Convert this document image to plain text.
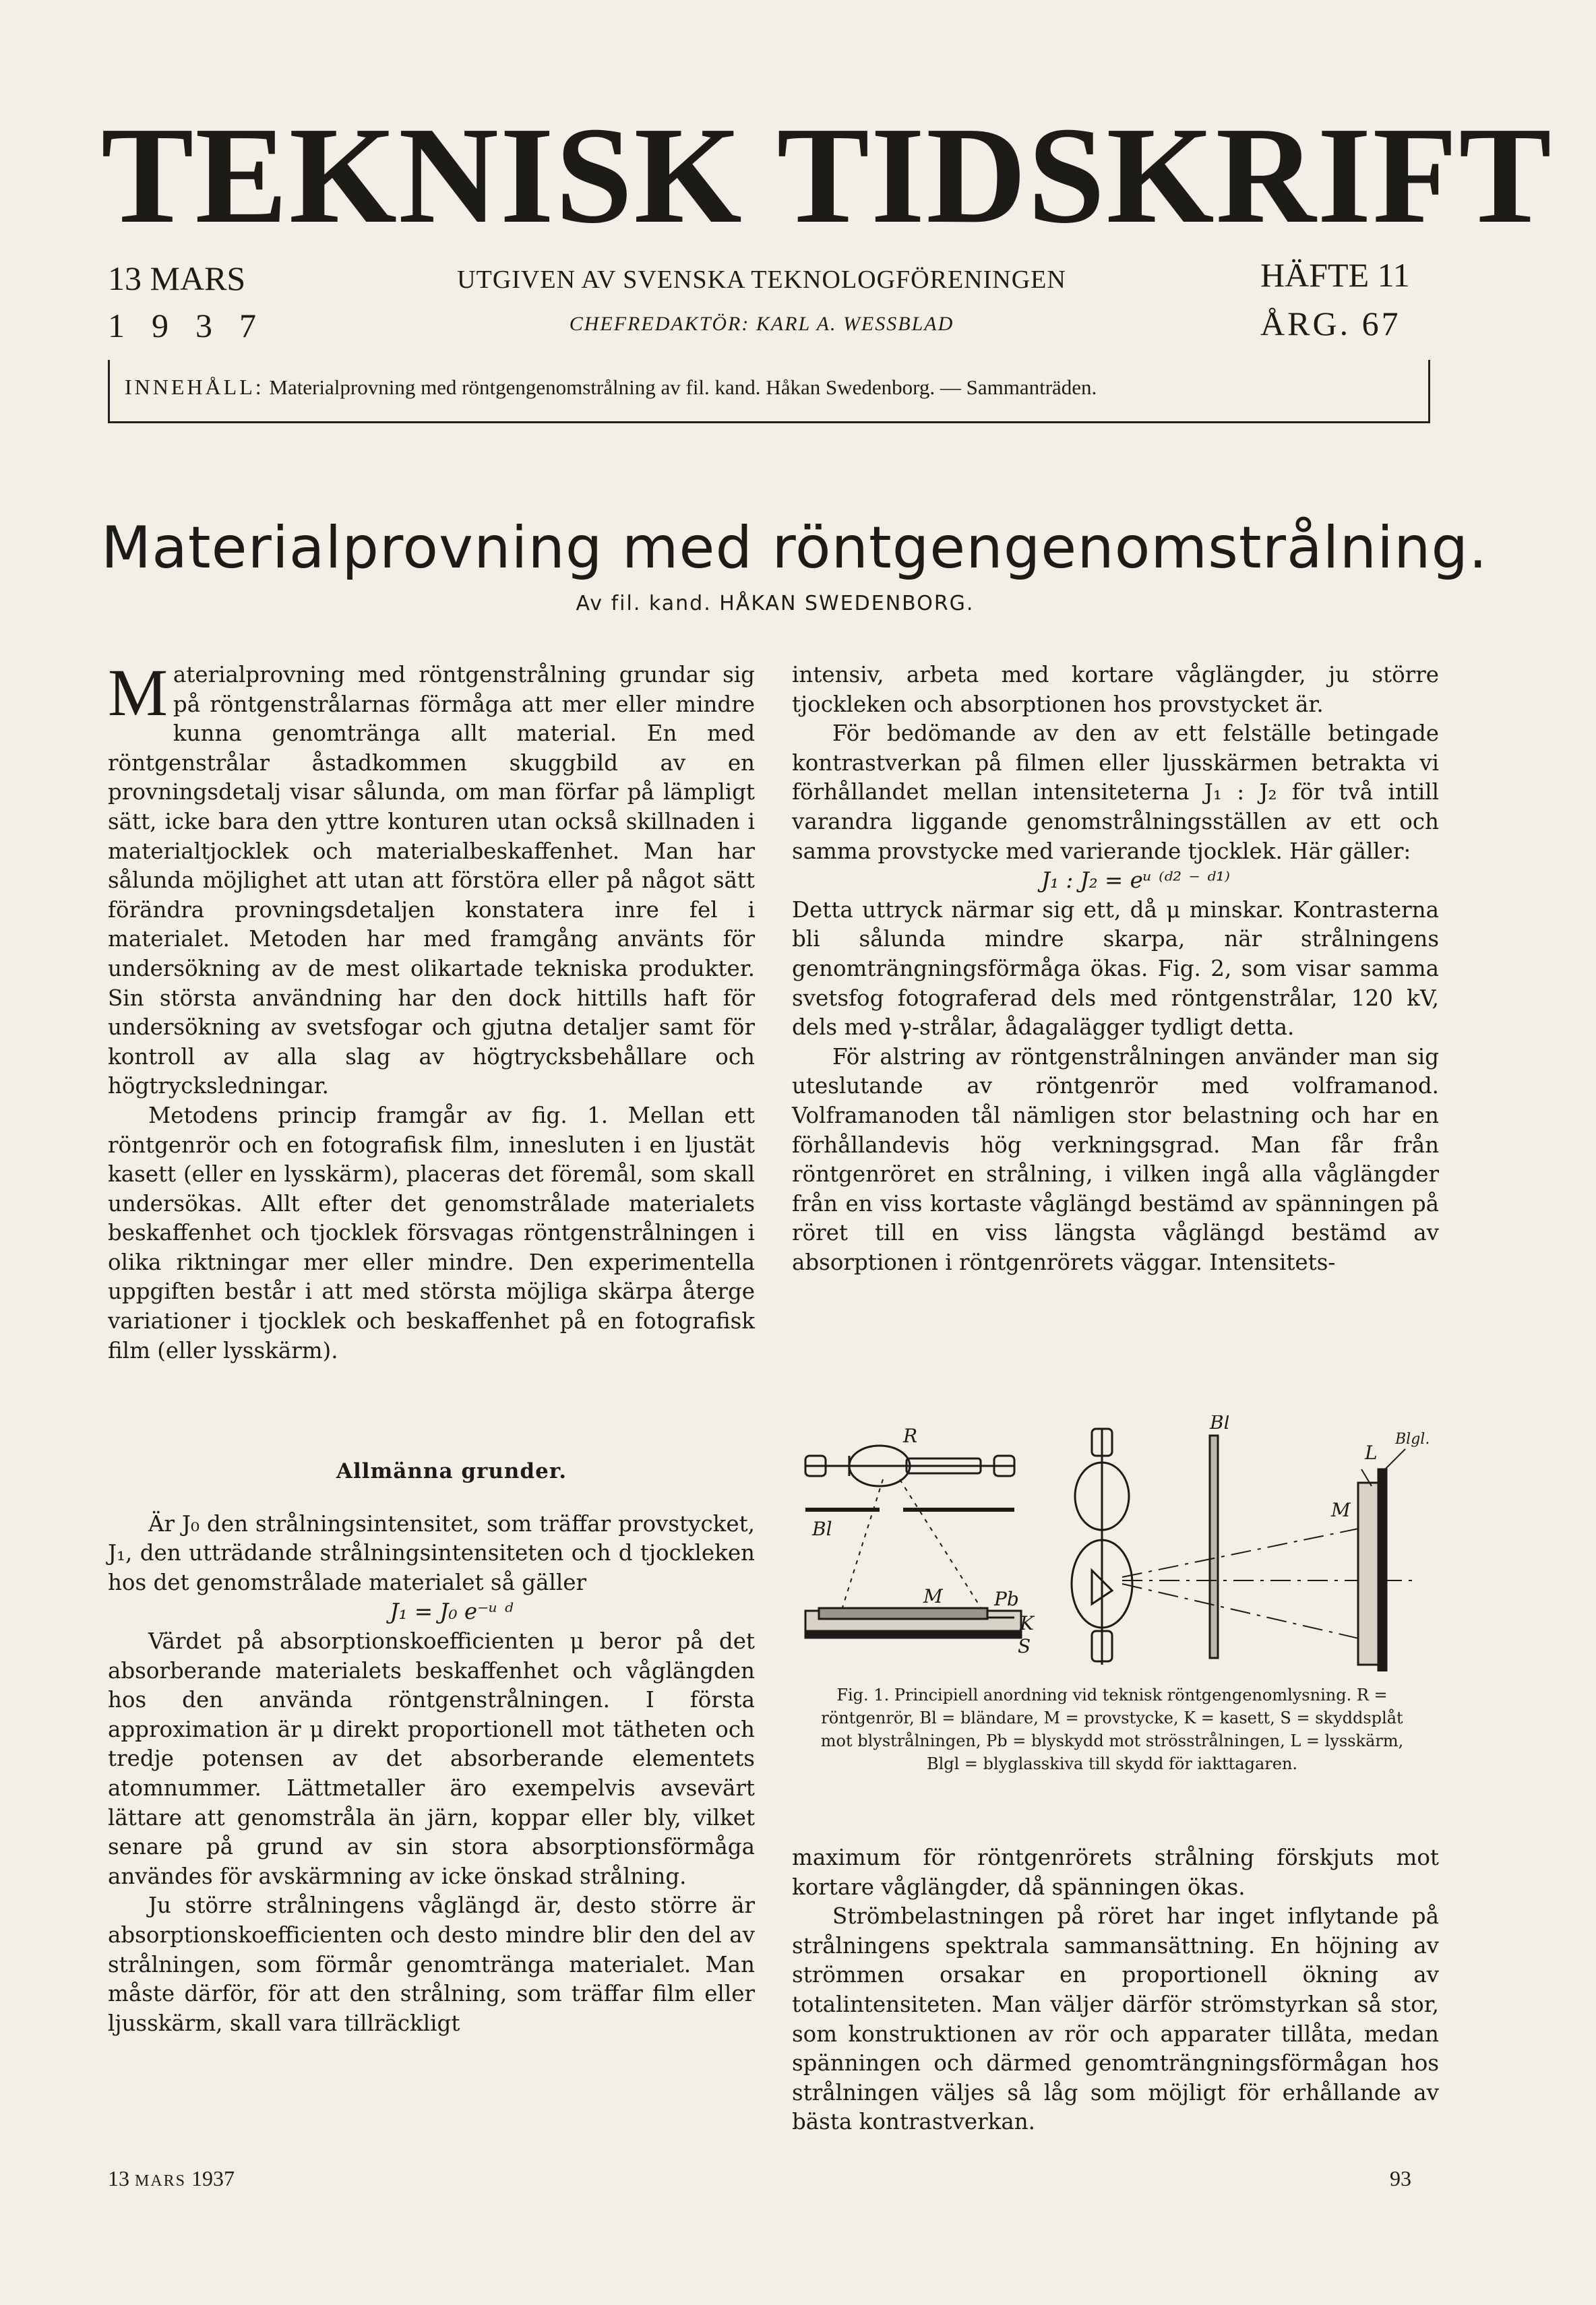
TEKNISK TIDSKRIFT
13 MARS
1937
UTGIVEN AV SVENSKA TEKNOLOGFÖRENINGEN
CHEFREDAKTÖR: KARL A. WESSBLAD
HÄFTE 11
ÅRG. 67
INNEHÅLL: Materialprovning med röntgengenomstrålning av fil. kand. Håkan Swedenborg. — Sammanträden.
Materialprovning med röntgengenomstrålning.
Av fil. kand. HÅKAN SWEDENBORG.

Materialprovning med röntgenstrålning grundar sig på röntgenstrålarnas förmåga att mer eller mindre kunna genomtränga allt material. En med röntgenstrålar åstadkommen skuggbild av en provningsdetalj visar sålunda, om man förfar på lämpligt sätt, icke bara den yttre konturen utan också skillnaden i materialtjocklek och materialbeskaffenhet. Man har sålunda möjlighet att utan att förstöra eller på något sätt förändra provningsdetaljen konstatera inre fel i materialet. Metoden har med framgång använts för undersökning av de mest olikartade tekniska produkter. Sin största användning har den dock hittills haft för undersökning av svetsfogar och gjutna detaljer samt för kontroll av alla slag av högtrycksbehållare och högtrycksledningar.

Metodens princip framgår av fig. 1. Mellan ett röntgenrör och en fotografisk film, innesluten i en ljustät kasett (eller en lysskärm), placeras det föremål, som skall undersökas. Allt efter det genomstrålade materialets beskaffenhet och tjocklek försvagas röntgenstrålningen i olika riktningar mer eller mindre. Den experimentella uppgiften består i att med största möjliga skärpa återge variationer i tjocklek och beskaffenhet på en fotografisk film (eller lysskärm).

Allmänna grunder.

Är J₀ den strålningsintensitet, som träffar provstycket, J₁, den utträdande strålningsintensiteten och d tjockleken hos det genomstrålade materialet så gäller

J₁ = J₀ e⁻ᵘ ᵈ

Värdet på absorptionskoefficienten μ beror på det absorberande materialets beskaffenhet och våglängden hos den använda röntgenstrålningen. I första approximation är μ direkt proportionell mot tätheten och tredje potensen av det absorberande elementets atomnummer. Lättmetaller äro exempelvis avsevärt lättare att genomstråla än järn, koppar eller bly, vilket senare på grund av sin stora absorptionsförmåga användes för avskärmning av icke önskad strålning.

Ju större strålningens våglängd är, desto större är absorptionskoefficienten och desto mindre blir den del av strålningen, som förmår genomtränga materialet. Man måste därför, för att den strålning, som träffar film eller ljusskärm, skall vara tillräckligt

intensiv, arbeta med kortare våglängder, ju större tjockleken och absorptionen hos provstycket är.

För bedömande av den av ett felställe betingade kontrastverkan på filmen eller ljusskärmen betrakta vi förhållandet mellan intensiteterna J₁ : J₂ för två intill varandra liggande genomstrålningsställen av ett och samma provstycke med varierande tjocklek. Här gäller:

J₁ : J₂ = eᵘ ⁽ᵈ² ⁻ ᵈ¹⁾

Detta uttryck närmar sig ett, då μ minskar. Kontrasterna bli sålunda mindre skarpa, när strålningens genomträngningsförmåga ökas. Fig. 2, som visar samma svetsfog fotograferad dels med röntgenstrålar, 120 kV, dels med γ-strålar, ådagalägger tydligt detta.

För alstring av röntgenstrålningen använder man sig uteslutande av röntgenrör med volframanod. Volframanoden tål nämligen stor belastning och har en förhållandevis hög verkningsgrad. Man får från röntgenröret en strålning, i vilken ingå alla våglängder från en viss kortaste våglängd bestämd av spänningen på röret till en viss längsta våglängd bestämd av absorptionen i röntgenrörets väggar. Intensitets-

R
Bl
Bl
M	Pb
K
S
L
Blgl.
M
Fig. 1. Principiell anordning vid teknisk röntgengenomlysning. R = röntgenrör, Bl = bländare, M = provstycke, K = kasett, S = skyddsplåt mot blystrålningen, Pb = blyskydd mot strösstrålningen, L = lysskärm, Blgl = blyglasskiva till skydd för iakttagaren.

maximum för röntgenrörets strålning förskjuts mot kortare våglängder, då spänningen ökas.

Strömbelastningen på röret har inget inflytande på strålningens spektrala sammansättning. En höjning av strömmen orsakar en proportionell ökning av totalintensiteten. Man väljer därför strömstyrkan så stor, som konstruktionen av rör och apparater tillåta, medan spänningen och därmed genomträngningsförmågan hos strålningen väljes så låg som möjligt för erhållande av bästa kontrastverkan.

13 MARS 1937	93
